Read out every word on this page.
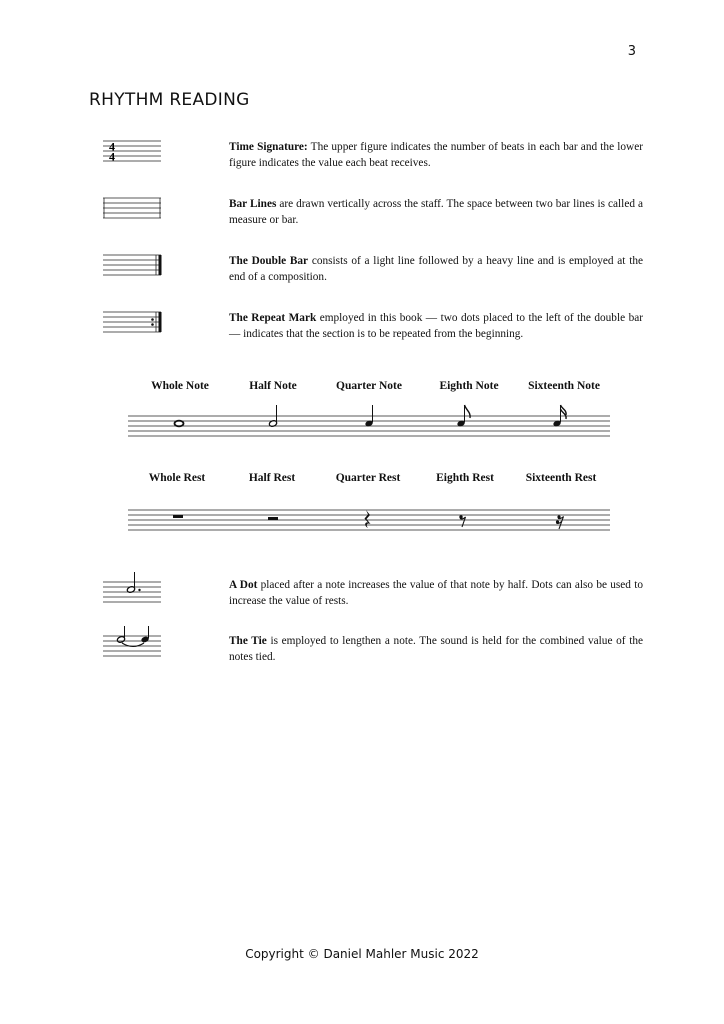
3
RHYTHM READING
4
4
Time Signature: The upper figure indicates the number of beats in each bar and the lower figure indicates the value each beat receives.
Bar Lines are drawn vertically across the staff. The space between two bar lines is called a measure or bar.
The Double Bar consists of a light line followed by a heavy line and is employed at the end of a composition.
The Repeat Mark employed in this book — two dots placed to the left of the double bar — indicates that the section is to be repeated from the beginning.
Whole Note	Half Note	Quarter Note	Eighth Note	Sixteenth Note
Whole Rest	Half Rest	Quarter Rest	Eighth Rest	Sixteenth Rest
A Dot placed after a note increases the value of that note by half. Dots can also be used to increase the value of rests.
The Tie is employed to lengthen a note. The sound is held for the combined value of the notes tied.
Copyright © Daniel Mahler Music 2022
